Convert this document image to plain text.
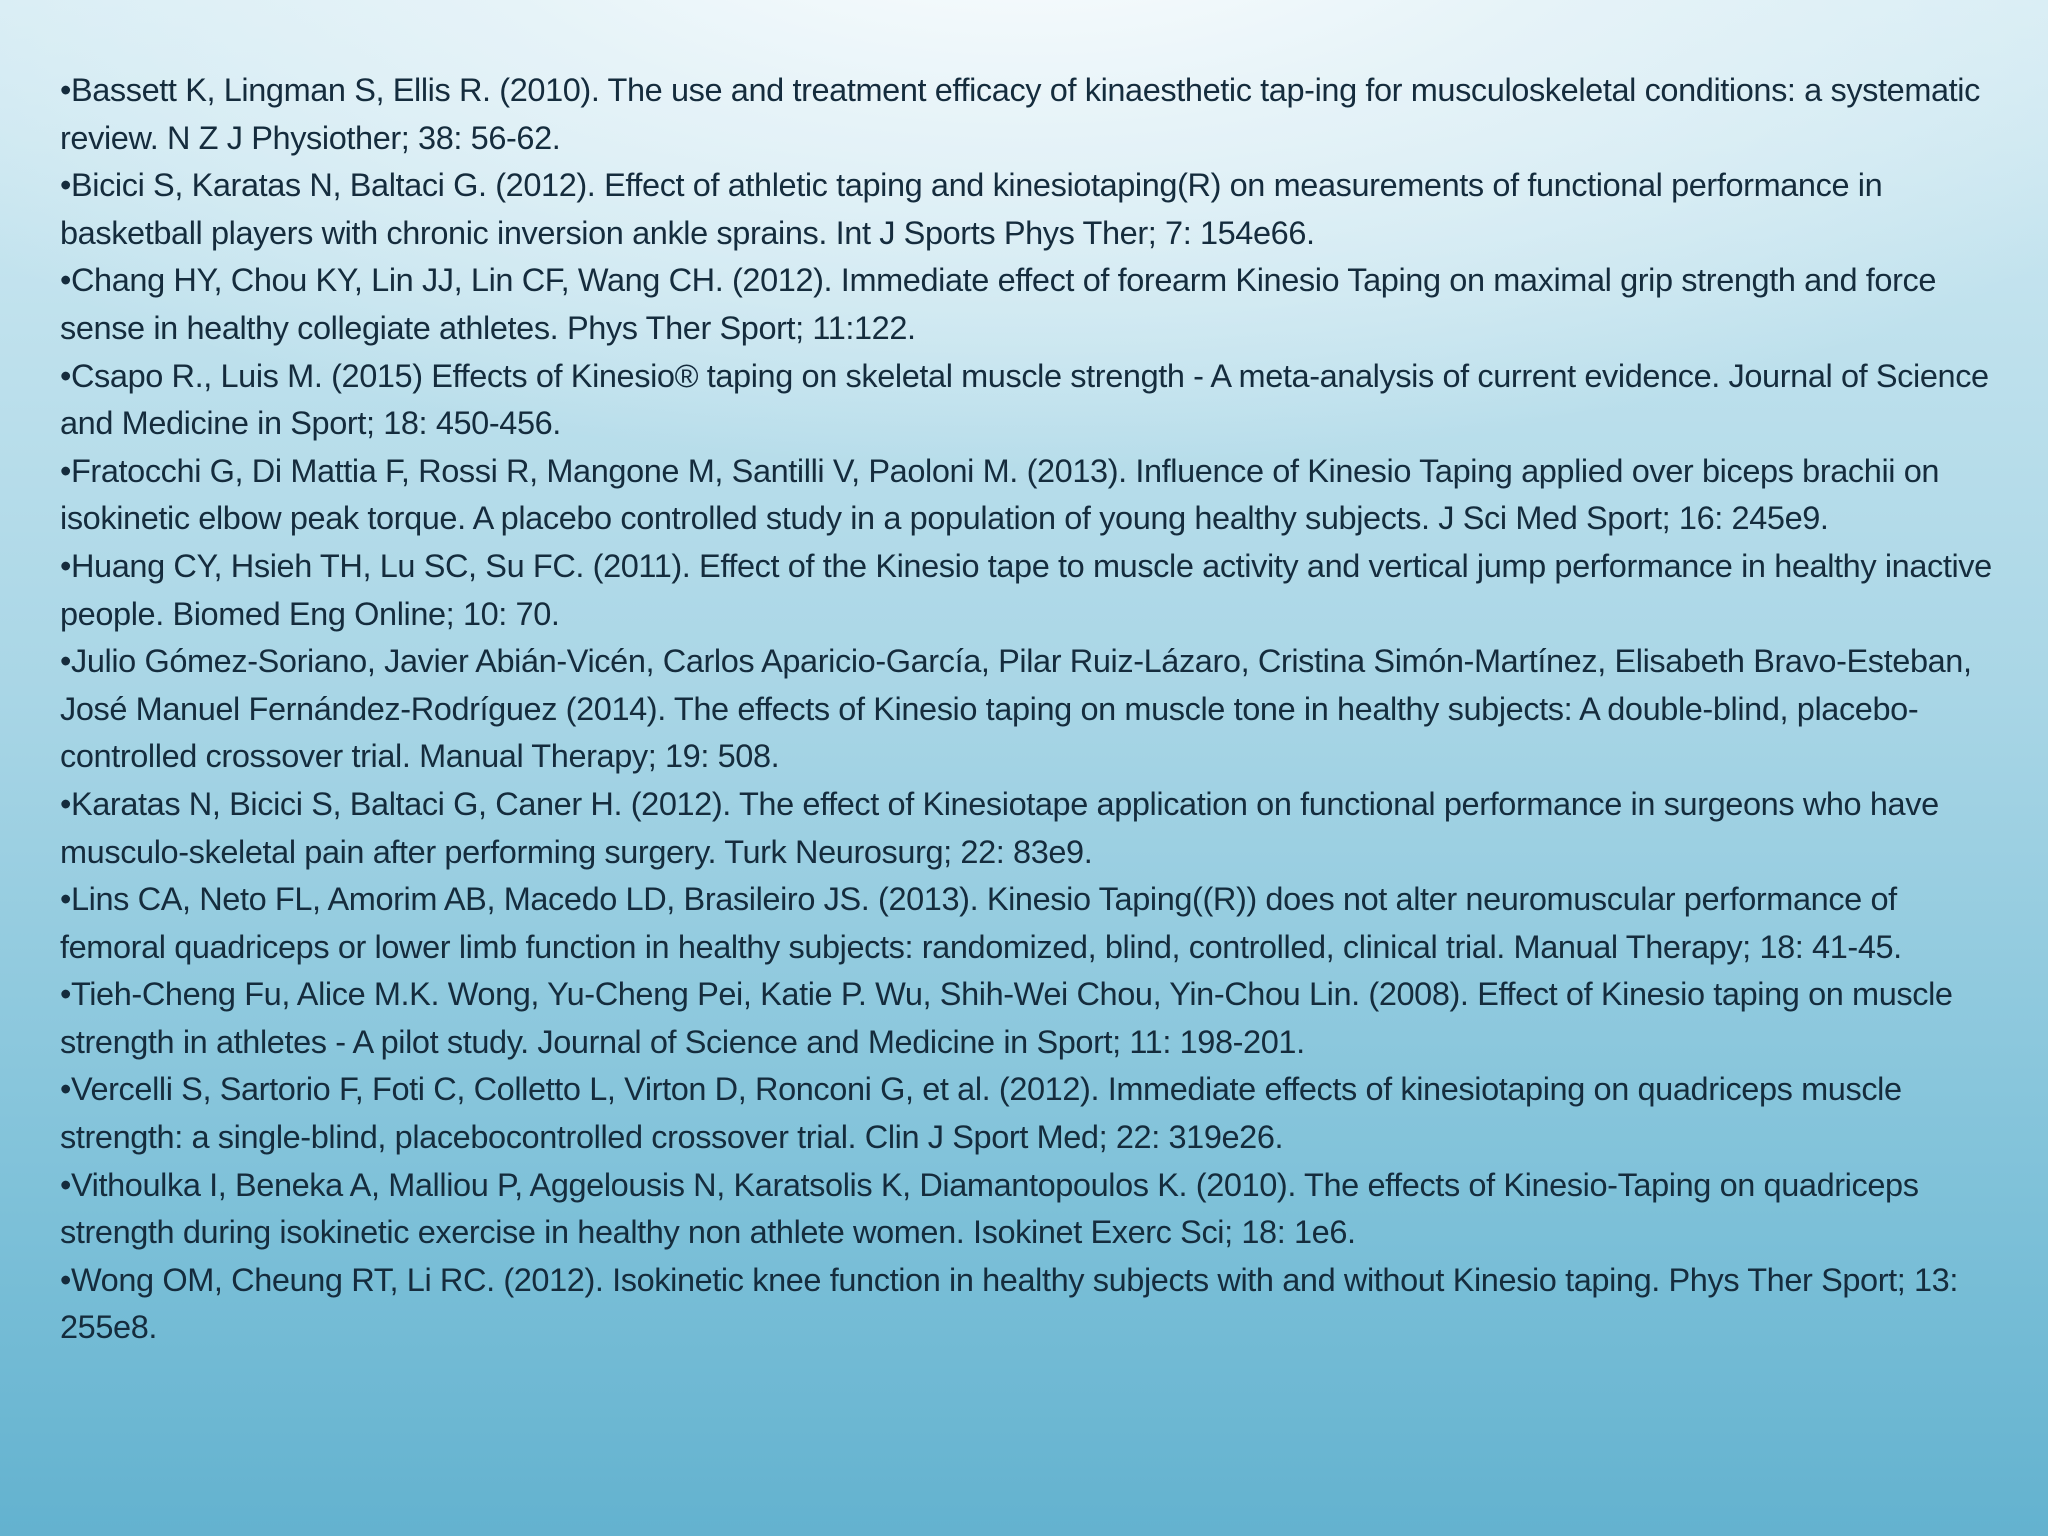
•Bassett K, Lingman S, Ellis R. (2010). The use and treatment efficacy of kinaesthetic tap-ing for musculoskeletal conditions: a systematic review. N Z J Physiother; 38: 56-62.
•Bicici S, Karatas N, Baltaci G. (2012). Effect of athletic taping and kinesiotaping(R) on measurements of functional performance in basketball players with chronic inversion ankle sprains. Int J Sports Phys Ther; 7: 154e66.
•Chang HY, Chou KY, Lin JJ, Lin CF, Wang CH. (2012). Immediate effect of forearm Kinesio Taping on maximal grip strength and force sense in healthy collegiate athletes. Phys Ther Sport; 11:122.
•Csapo R., Luis M. (2015) Effects of Kinesio® taping on skeletal muscle strength - A meta-analysis of current evidence. Journal of Science and Medicine in Sport; 18: 450-456.
•Fratocchi G, Di Mattia F, Rossi R, Mangone M, Santilli V, Paoloni M. (2013). Influence of Kinesio Taping applied over biceps brachii on isokinetic elbow peak torque. A placebo controlled study in a population of young healthy subjects. J Sci Med Sport; 16: 245e9.
•Huang CY, Hsieh TH, Lu SC, Su FC. (2011). Effect of the Kinesio tape to muscle activity and vertical jump performance in healthy inactive people. Biomed Eng Online; 10: 70.
•Julio Gómez-Soriano, Javier Abián-Vicén, Carlos Aparicio-García, Pilar Ruiz-Lázaro, Cristina Simón-Martínez, Elisabeth Bravo-Esteban, José Manuel Fernández-Rodríguez (2014). The effects of Kinesio taping on muscle tone in healthy subjects: A double-blind, placebo-controlled crossover trial. Manual Therapy; 19: 508.
•Karatas N, Bicici S, Baltaci G, Caner H. (2012). The effect of Kinesiotape application on functional performance in surgeons who have musculo-skeletal pain after performing surgery. Turk Neurosurg; 22: 83e9.
•Lins CA, Neto FL, Amorim AB, Macedo LD, Brasileiro JS. (2013). Kinesio Taping((R)) does not alter neuromuscular performance of femoral quadriceps or lower limb function in healthy subjects: randomized, blind, controlled, clinical trial. Manual Therapy; 18: 41-45.
•Tieh-Cheng Fu, Alice M.K. Wong, Yu-Cheng Pei, Katie P. Wu, Shih-Wei Chou, Yin-Chou Lin. (2008). Effect of Kinesio taping on muscle strength in athletes - A pilot study. Journal of Science and Medicine in Sport; 11: 198-201.
•Vercelli S, Sartorio F, Foti C, Colletto L, Virton D, Ronconi G, et al. (2012). Immediate effects of kinesiotaping on quadriceps muscle strength: a single-blind, placebocontrolled crossover trial. Clin J Sport Med; 22: 319e26.
•Vithoulka I, Beneka A, Malliou P, Aggelousis N, Karatsolis K, Diamantopoulos K. (2010). The effects of Kinesio-Taping on quadriceps strength during isokinetic exercise in healthy non athlete women. Isokinet Exerc Sci; 18: 1e6.
•Wong OM, Cheung RT, Li RC. (2012). Isokinetic knee function in healthy subjects with and without Kinesio taping. Phys Ther Sport; 13: 255e8.
